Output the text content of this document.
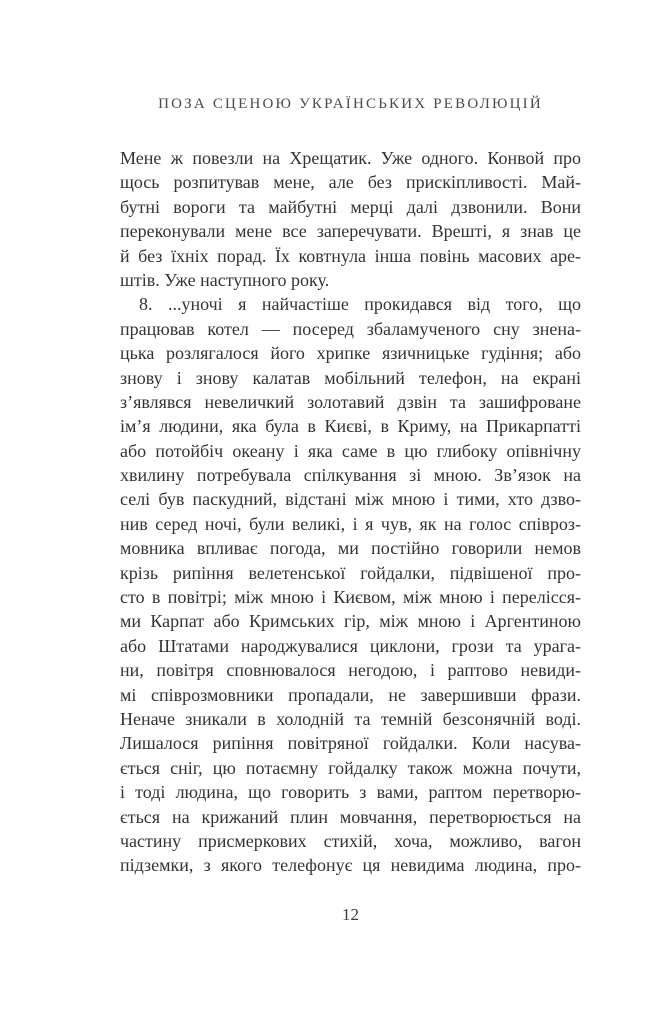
ПОЗА СЦЕНОЮ УКРАЇНСЬКИХ РЕВОЛЮЦІЙ
Мене ж повезли на Хрещатик. Уже одного. Конвой про
щось розпитував мене, але без прискіпливості. Май-
бутні вороги та майбутні мерці далі дзвонили. Вони
переконували мене все заперечувати. Врешті, я знав це
й без їхніх порад. Їх ковтнула інша повінь масових аре-
штів. Уже наступного року.
8. ...уночі я найчастіше прокидався від того, що
працював котел — посеред збаламученого сну знена-
цька розлягалося його хрипке язичницьке гудіння; або
знову і знову калатав мобільний телефон, на екрані
з’являвся невеличкий золотавий дзвін та зашифроване
ім’я людини, яка була в Києві, в Криму, на Прикарпатті
або потойбіч океану і яка саме в цю глибоку опівнічну
хвилину потребувала спілкування зі мною. Зв’язок на
селі був паскудний, відстані між мною і тими, хто дзво-
нив серед ночі, були великі, і я чув, як на голос співроз-
мовника впливає погода, ми постійно говорили немов
крізь рипіння велетенської гойдалки, підвішеної про-
сто в повітрі; між мною і Києвом, між мною і перелісся-
ми Карпат або Кримських гір, між мною і Аргентиною
або Штатами народжувалися циклони, грози та урага-
ни, повітря сповнювалося негодою, і раптово невиди-
мі співрозмовники пропадали, не завершивши фрази.
Неначе зникали в холодній та темній безсонячній воді.
Лишалося рипіння повітряної гойдалки. Коли насува-
ється сніг, цю потаємну гойдалку також можна почути,
і тоді людина, що говорить з вами, раптом перетворю-
ється на крижаний плин мовчання, перетворюється на
частину присмеркових стихій, хоча, можливо, вагон
підземки, з якого телефонує ця невидима людина, про-
12
